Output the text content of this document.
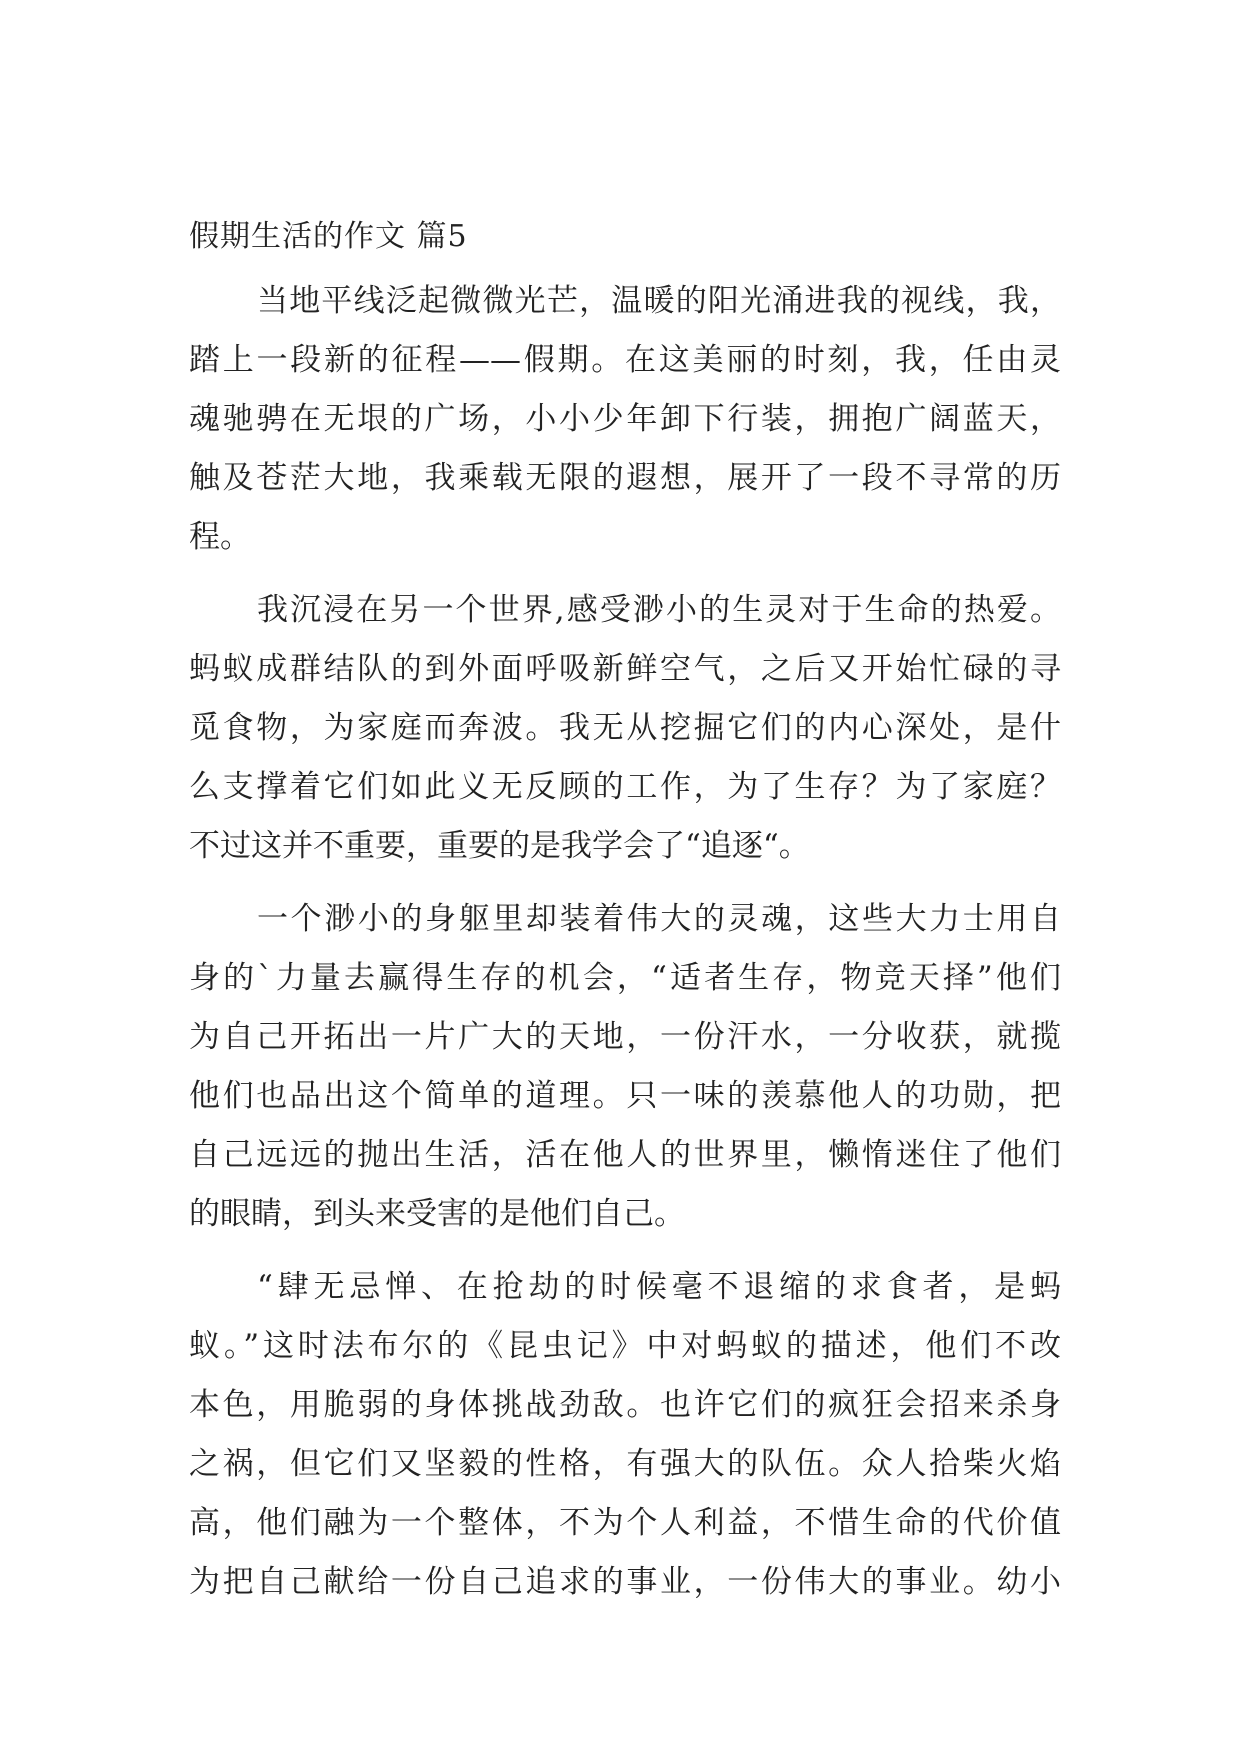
假期生活的作文 篇5
当地平线泛起微微光芒，温暖的阳光涌进我的视线，我，
踏上一段新的征程——假期。在这美丽的时刻，我，任由灵
魂驰骋在无垠的广场，小小少年卸下行装，拥抱广阔蓝天，
触及苍茫大地，我乘载无限的遐想，展开了一段不寻常的历
程。
我沉浸在另一个世界,感受渺小的生灵对于生命的热爱。
蚂蚁成群结队的到外面呼吸新鲜空气，之后又开始忙碌的寻
觅食物，为家庭而奔波。我无从挖掘它们的内心深处，是什
么支撑着它们如此义无反顾的工作，为了生存？为了家庭？
不过这并不重要，重要的是我学会了“追逐“。
一个渺小的身躯里却装着伟大的灵魂，这些大力士用自
身的`力量去赢得生存的机会，“适者生存，物竞天择”他们
为自己开拓出一片广大的天地，一份汗水，一分收获，就揽
他们也品出这个简单的道理。只一味的羡慕他人的功勋，把
自己远远的抛出生活，活在他人的世界里，懒惰迷住了他们
的眼睛，到头来受害的是他们自己。
“肆无忌惮、在抢劫的时候毫不退缩的求食者，是蚂
蚁。”这时法布尔的《昆虫记》中对蚂蚁的描述，他们不改
本色，用脆弱的身体挑战劲敌。也许它们的疯狂会招来杀身
之祸，但它们又坚毅的性格，有强大的队伍。众人拾柴火焰
高，他们融为一个整体，不为个人利益，不惜生命的代价值
为把自己献给一份自己追求的事业，一份伟大的事业。幼小
